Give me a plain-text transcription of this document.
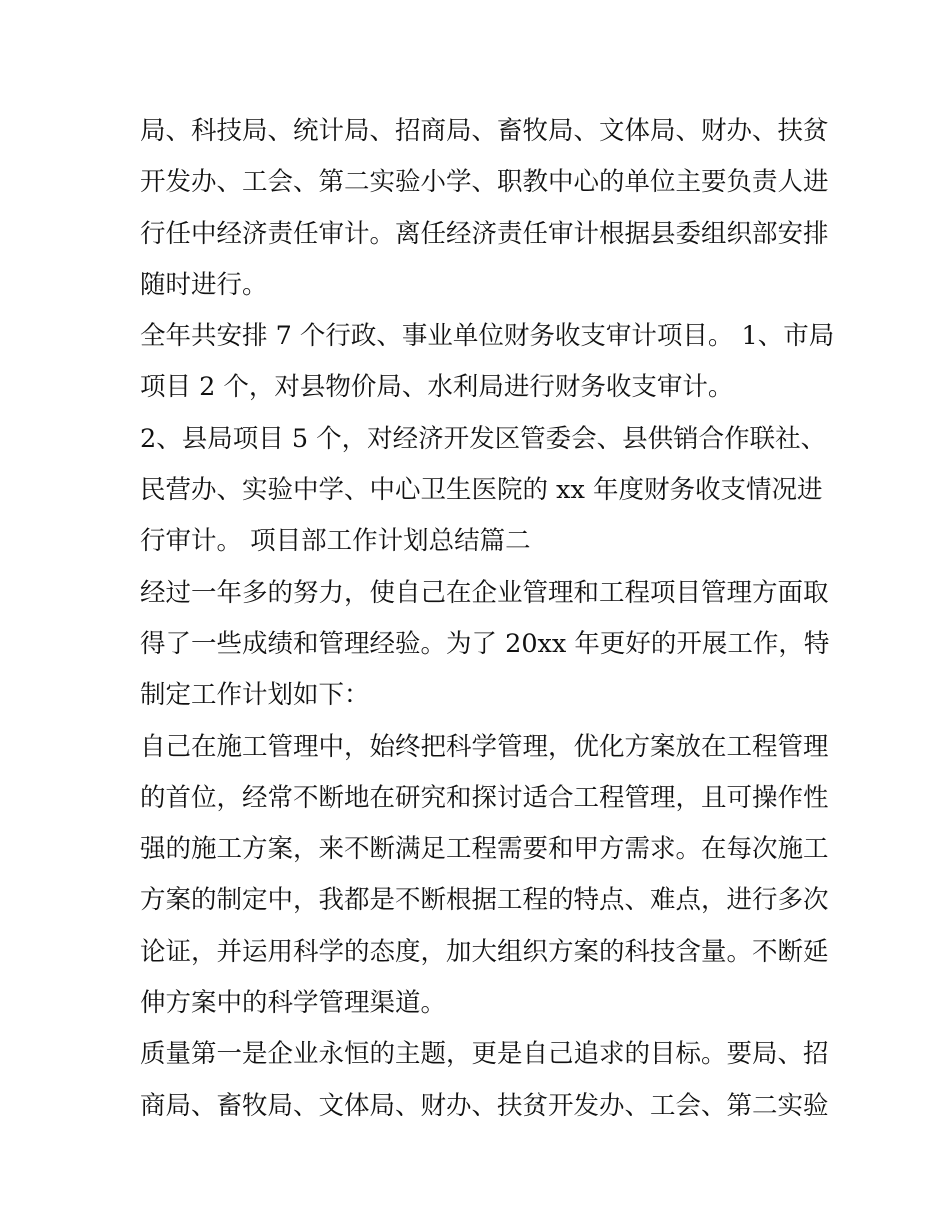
局、科技局、统计局、招商局、畜牧局、文体局、财办、扶贫
开发办、工会、第二实验小学、职教中心的单位主要负责人进
行任中经济责任审计。离任经济责任审计根据县委组织部安排
随时进行。
全年共安排 7 个行政、事业单位财务收支审计项目。 1、市局
项目 2 个，对县物价局、水利局进行财务收支审计。
2、县局项目 5 个，对经济开发区管委会、县供销合作联社、
民营办、实验中学、中心卫生医院的 xx 年度财务收支情况进
行审计。 项目部工作计划总结篇二
经过一年多的努力，使自己在企业管理和工程项目管理方面取
得了一些成绩和管理经验。为了 20xx 年更好的开展工作，特
制定工作计划如下：
自己在施工管理中，始终把科学管理，优化方案放在工程管理
的首位，经常不断地在研究和探讨适合工程管理，且可操作性
强的施工方案，来不断满足工程需要和甲方需求。在每次施工
方案的制定中，我都是不断根据工程的特点、难点，进行多次
论证，并运用科学的态度，加大组织方案的科技含量。不断延
伸方案中的科学管理渠道。
质量第一是企业永恒的主题，更是自己追求的目标。要局、招
商局、畜牧局、文体局、财办、扶贫开发办、工会、第二实验
